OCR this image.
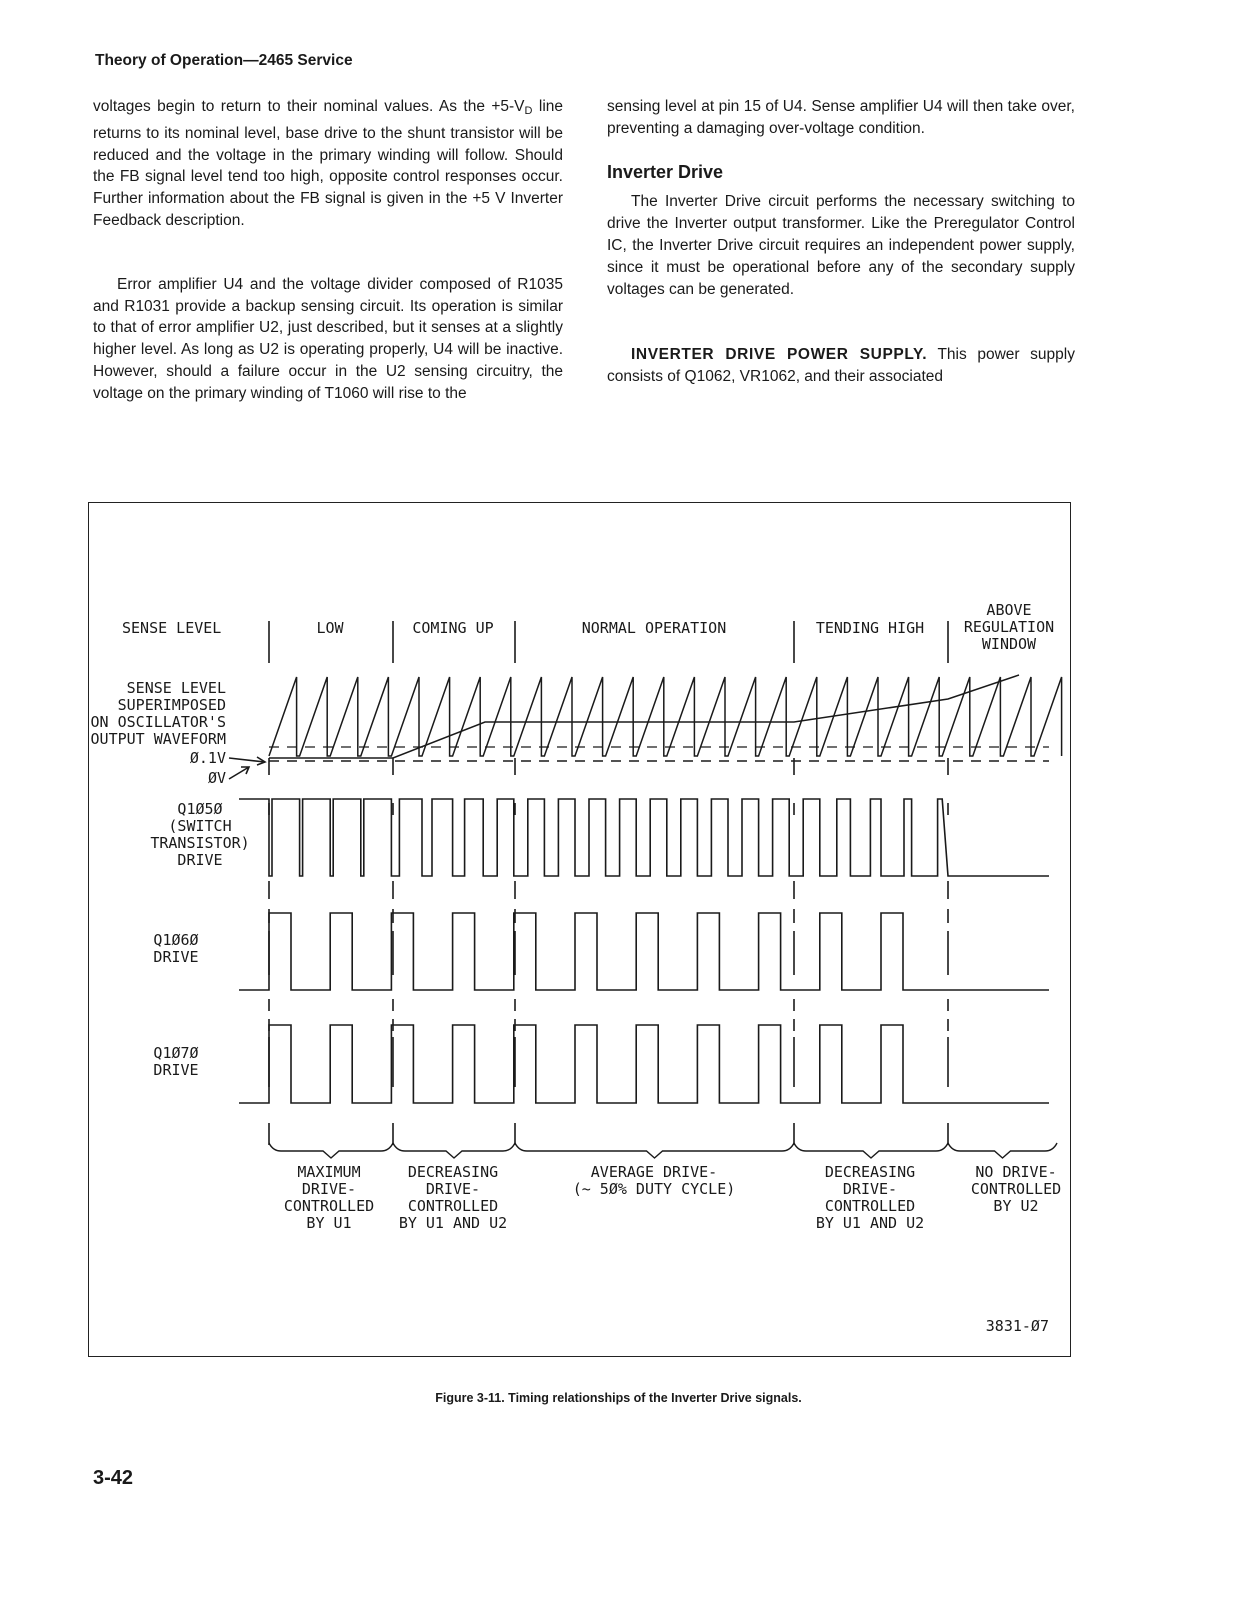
Theory of Operation—2465 Service

voltages begin to return to their nominal values. As the $+5-V_D$ line returns to its nominal level, base drive to the shunt transistor will be reduced and the voltage in the primary winding will follow. Should the FB signal level tend too high, opposite control responses occur. Further information about the FB signal is given in the +5 V Inverter Feedback description.

Error amplifier U4 and the voltage divider composed of R1035 and R1031 provide a backup sensing circuit. Its operation is similar to that of error amplifier U2, just described, but it senses at a slightly higher level. As long as U2 is operating properly, U4 will be inactive. However, should a failure occur in the U2 sensing circuitry, the voltage on the primary winding of T1060 will rise to the

sensing level at pin 15 of U4. Sense amplifier U4 will then take over, preventing a damaging over-voltage condition.

Inverter Drive

The Inverter Drive circuit performs the necessary switching to drive the Inverter output transformer. Like the Preregulator Control IC, the Inverter Drive circuit requires an independent power supply, since it must be operational before any of the secondary supply voltages can be generated.

INVERTER DRIVE POWER SUPPLY. This power supply consists of Q1062, VR1062, and their associated

SENSE LEVEL	LOW	COMING UP	NORMAL OPERATION	TENDING HIGH
ABOVE
REGULATION
WINDOW
SENSE LEVEL
SUPERIMPOSED
ON OSCILLATOR'S
OUTPUT WAVEFORM
Ø.1V
ØV
Q1Ø5Ø
(SWITCH
TRANSISTOR)
DRIVE
Q1Ø6Ø
DRIVE
Q1Ø7Ø
DRIVE
MAXIMUM
DRIVE-
CONTROLLED
BY U1
DECREASING
DRIVE-
CONTROLLED
BY U1 AND U2
AVERAGE DRIVE-
(~ 5Ø% DUTY CYCLE)
DECREASING
DRIVE-
CONTROLLED
BY U1 AND U2
NO DRIVE-
CONTROLLED
BY U2
3831-Ø7
Figure 3-11. Timing relationships of the Inverter Drive signals.
3-42
